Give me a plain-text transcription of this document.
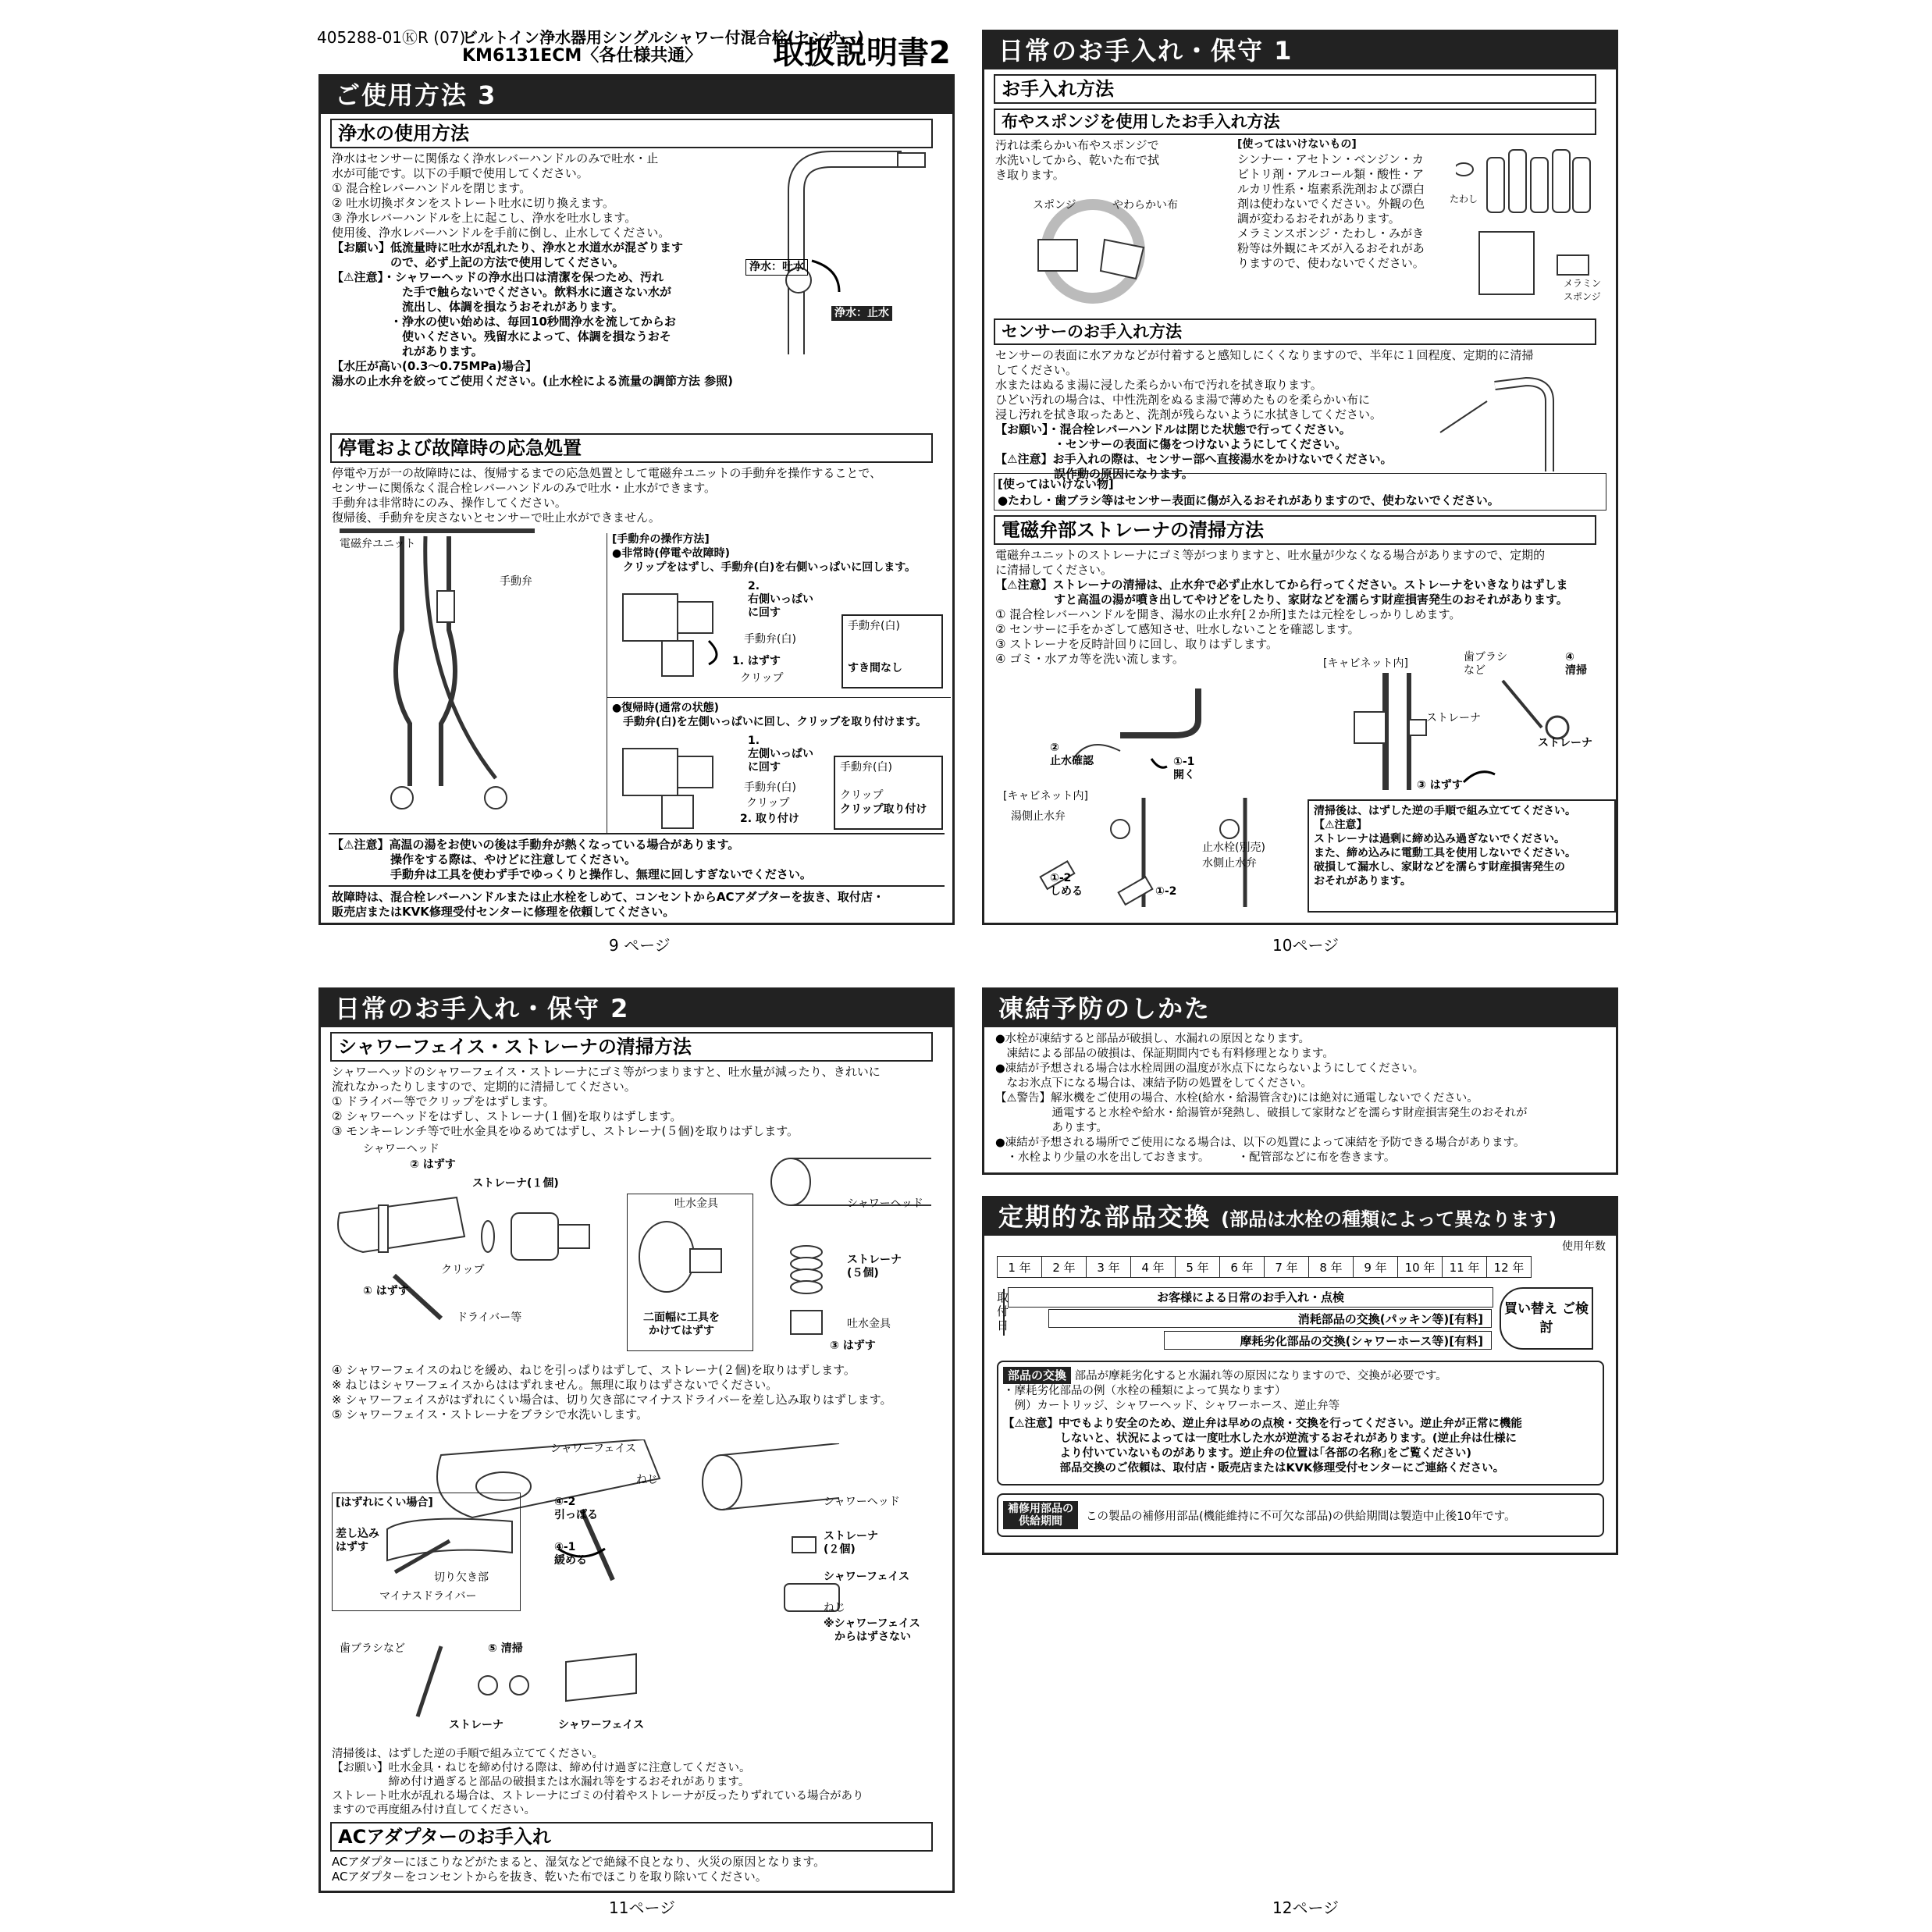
405288-01ⓀR (07)
ビルトイン浄水器用シングルシャワー付混合栓(センサー)
KM6131ECM〈各仕様共通〉 取扱説明書2
ご使用方法 3
浄水の使用方法

浄水はセンサーに関係なく浄水レバーハンドルのみで吐水・止
水が可能です。以下の手順で使用してください。
① 混合栓レバーハンドルを閉じます。
② 吐水切換ボタンをストレート吐水に切り換えます。
③ 浄水レバーハンドルを上に起こし、浄水を吐水します。
使用後、浄水レバーハンドルを手前に倒し、止水してください。

【お願い】低流量時に吐水が乱れたり、浄水と水道水が混ざります
　　　　　ので、必ず上記の方法で使用してください。
【⚠注意】・シャワーヘッドの浄水出口は清潔を保つため、汚れ
　　　　　　た手で触らないでください。飲料水に適さない水が
　　　　　　流出し、体調を損なうおそれがあります。
　　　　　・浄水の使い始めは、毎回10秒間浄水を流してからお
　　　　　　使いください。残留水によって、体調を損なうおそ
　　　　　　れがあります。
【水圧が高い(0.3〜0.75MPa)場合】
湯水の止水弁を絞ってご使用ください。(止水栓による流量の調節方法 参照)

浄水：吐水
浄水：止水
停電および故障時の応急処置

停電や万が一の故障時には、復帰するまでの応急処置として電磁弁ユニットの手動弁を操作することで、
センサーに関係なく混合栓レバーハンドルのみで吐水・止水ができます。
手動弁は非常時にのみ、操作してください。
復帰後、手動弁を戻さないとセンサーで吐止水ができません。

電磁弁ユニット
手動弁
[手動弁の操作方法]
●非常時(停電や故障時)
クリップをはずし、手動弁(白)を右側いっぱいに回します。
2.
右側いっぱい
に回す
手動弁(白)
1. はずす
クリップ
手動弁(白)

すき間なし
●復帰時(通常の状態)
手動弁(白)を左側いっぱいに回し、クリップを取り付けます。
1.
左側いっぱい
に回す
手動弁(白)
クリップ
2. 取り付け
手動弁(白)

クリップ
クリップ取り付け

【⚠注意】高温の湯をお使いの後は手動弁が熱くなっている場合があります。
　　　　　操作をする際は、やけどに注意してください。
　　　　　手動弁は工具を使わず手でゆっくりと操作し、無理に回しすぎないでください。

故障時は、混合栓レバーハンドルまたは止水栓をしめて、コンセントからACアダプターを抜き、取付店・
販売店またはKVK修理受付センターに修理を依頼してください。

9 ページ
日常のお手入れ・保守 1
お手入れ方法
布やスポンジを使用したお手入れ方法

汚れは柔らかい布やスポンジで
水洗いしてから、乾いた布で拭
き取ります。

スポンジ	やわらかい布
[使ってはいけないもの]
シンナー・アセトン・ベンジン・カ
ビトリ剤・アルコール類・酸性・ア
ルカリ性系・塩素系洗剤および漂白
剤は使わないでください。外観の色
調が変わるおそれがあります。
メラミンスポンジ・たわし・みがき
粉等は外観にキズが入るおそれがあ
りますので、使わないでください。
たわし
メラミン
スポンジ
センサーのお手入れ方法

センサーの表面に水アカなどが付着すると感知しにくくなりますので、半年に１回程度、定期的に清掃
してください。
水またはぬるま湯に浸した柔らかい布で汚れを拭き取ります。
ひどい汚れの場合は、中性洗剤をぬるま湯で薄めたものを柔らかい布に
浸し汚れを拭き取ったあと、洗剤が残らないように水拭きしてください。

【お願い】・混合栓レバーハンドルは閉じた状態で行ってください。
　　　　　・センサーの表面に傷をつけないようにしてください。
【⚠注意】お手入れの際は、センサー部へ直接湯水をかけないでください。
　　　　　誤作動の原因になります。

[使ってはいけない物]
●たわし・歯ブラシ等はセンサー表面に傷が入るおそれがありますので、使わないでください。
電磁弁部ストレーナの清掃方法

電磁弁ユニットのストレーナにゴミ等がつまりますと、吐水量が少なくなる場合がありますので、定期的
に清掃してください。

【⚠注意】ストレーナの清掃は、止水弁で必ず止水してから行ってください。ストレーナをいきなりはずしま
　　　　　すと高温の湯が噴き出してやけどをしたり、家財などを濡らす財産損害発生のおそれがあります。

① 混合栓レバーハンドルを開き、湯水の止水弁[２か所]または元栓をしっかりしめます。
② センサーに手をかざして感知させ、吐水しないことを確認します。
③ ストレーナを反時計回りに回し、取りはずします。
④ ゴミ・水アカ等を洗い流します。	[キャビネット内]	歯ブラシ
など
④
清掃
ストレーナ
ストレーナ
③ はずす
②
止水確認	①-1
開く
[キャビネット内]
湯側止水弁
止水栓(別売)
水側止水弁
①-2
しめる	①-2
清掃後は、はずした逆の手順で組み立ててください。
【⚠注意】
ストレーナは過剰に締め込み過ぎないでください。
また、締め込みに電動工具を使用しないでください。
破損して漏水し、家財などを濡らす財産損害発生の
おそれがあります。
10ページ
日常のお手入れ・保守 2
シャワーフェイス・ストレーナの清掃方法

シャワーヘッドのシャワーフェイス・ストレーナにゴミ等がつまりますと、吐水量が減ったり、きれいに
流れなかったりしますので、定期的に清掃してください。
① ドライバー等でクリップをはずします。
② シャワーヘッドをはずし、ストレーナ(１個)を取りはずします。
③ モンキーレンチ等で吐水金具をゆるめてはずし、ストレーナ(５個)を取りはずします。

シャワーヘッド
② はずす
ストレーナ(１個)
クリップ
① はずす
ドライバー等
吐水金具
二面幅に工具を
かけてはずす
シャワーヘッド
ストレーナ
(５個)
吐水金具
③ はずす

④ シャワーフェイスのねじを緩め、ねじを引っぱりはずして、ストレーナ(２個)を取りはずします。
※ ねじはシャワーフェイスからははずれません。無理に取りはずさないでください。
※ シャワーフェイスがはずれにくい場合は、切り欠き部にマイナスドライバーを差し込み取りはずします。
⑤ シャワーフェイス・ストレーナをブラシで水洗いします。

シャワーフェイス
ねじ
④-2
引っぱる
④-1
緩める
[はずれにくい場合]
差し込み
はずす
切り欠き部
マイナスドライバー
シャワーヘッド
ストレーナ
(２個)
シャワーフェイス
ねじ
※シャワーフェイス
　からはずさない
歯ブラシなど	⑤ 清掃
ストレーナ	シャワーフェイス

清掃後は、はずした逆の手順で組み立ててください。
【お願い】吐水金具・ねじを締め付ける際は、締め付け過ぎに注意してください。
　　　　　締め付け過ぎると部品の破損または水漏れ等をするおそれがあります。
ストレート吐水が乱れる場合は、ストレーナにゴミの付着やストレーナが反ったりずれている場合があり
ますので再度組み付け直してください。

ACアダプターのお手入れ

ACアダプターにほこりなどがたまると、湿気などで絶縁不良となり、火災の原因となります。
ACアダプターをコンセントからを抜き、乾いた布でほこりを取り除いてください。

11ページ
凍結予防のしかた

●水栓が凍結すると部品が破損し、水漏れの原因となります。
　凍結による部品の破損は、保証期間内でも有料修理となります。
●凍結が予想される場合は水栓周囲の温度が氷点下にならないようにしてください。
　なお氷点下になる場合は、凍結予防の処置をしてください。
【⚠警告】解氷機をご使用の場合、水栓(給水・給湯管含む)には絶対に通電しないでください。
　　　　　通電すると水栓や給水・給湯管が発熱し、破損して家財などを濡らす財産損害発生のおそれが
　　　　　あります。
●凍結が予想される場所でご使用になる場合は、以下の処置によって凍結を予防できる場合があります。
　・水栓より少量の水を出しておきます。　　　・配管部などに布を巻きます。

定期的な部品交換 (部品は水栓の種類によって異なります)
使用年数
1 年	2 年	3 年	4 年	5 年	6 年	7 年	8 年	9 年	10 年	11 年	12 年
取
付
日
お客様による日常のお手入れ・点検
消耗部品の交換(パッキン等)[有料]
摩耗劣化部品の交換(シャワーホース等)[有料]
買い替え ご検討
部品の交換 部品が摩耗劣化すると水漏れ等の原因になりますので、交換が必要です。
・摩耗劣化部品の例（水栓の種類によって異なります）
　例）カートリッジ、シャワーヘッド、シャワーホース、逆止弁等
【⚠注意】中でもより安全のため、逆止弁は早めの点検・交換を行ってください。逆止弁が正常に機能
　　　　　しないと、状況によっては一度吐水した水が逆流するおそれがあります。(逆止弁は仕様に
　　　　　より付いていないものがあります。逆止弁の位置は｢各部の名称｣をご覧ください)
　　　　　部品交換のご依頼は、取付店・販売店またはKVK修理受付センターにご連絡ください。
補修用部品の
供給期間	この製品の補修用部品(機能維持に不可欠な部品)の供給期間は製造中止後10年です。
12ページ
